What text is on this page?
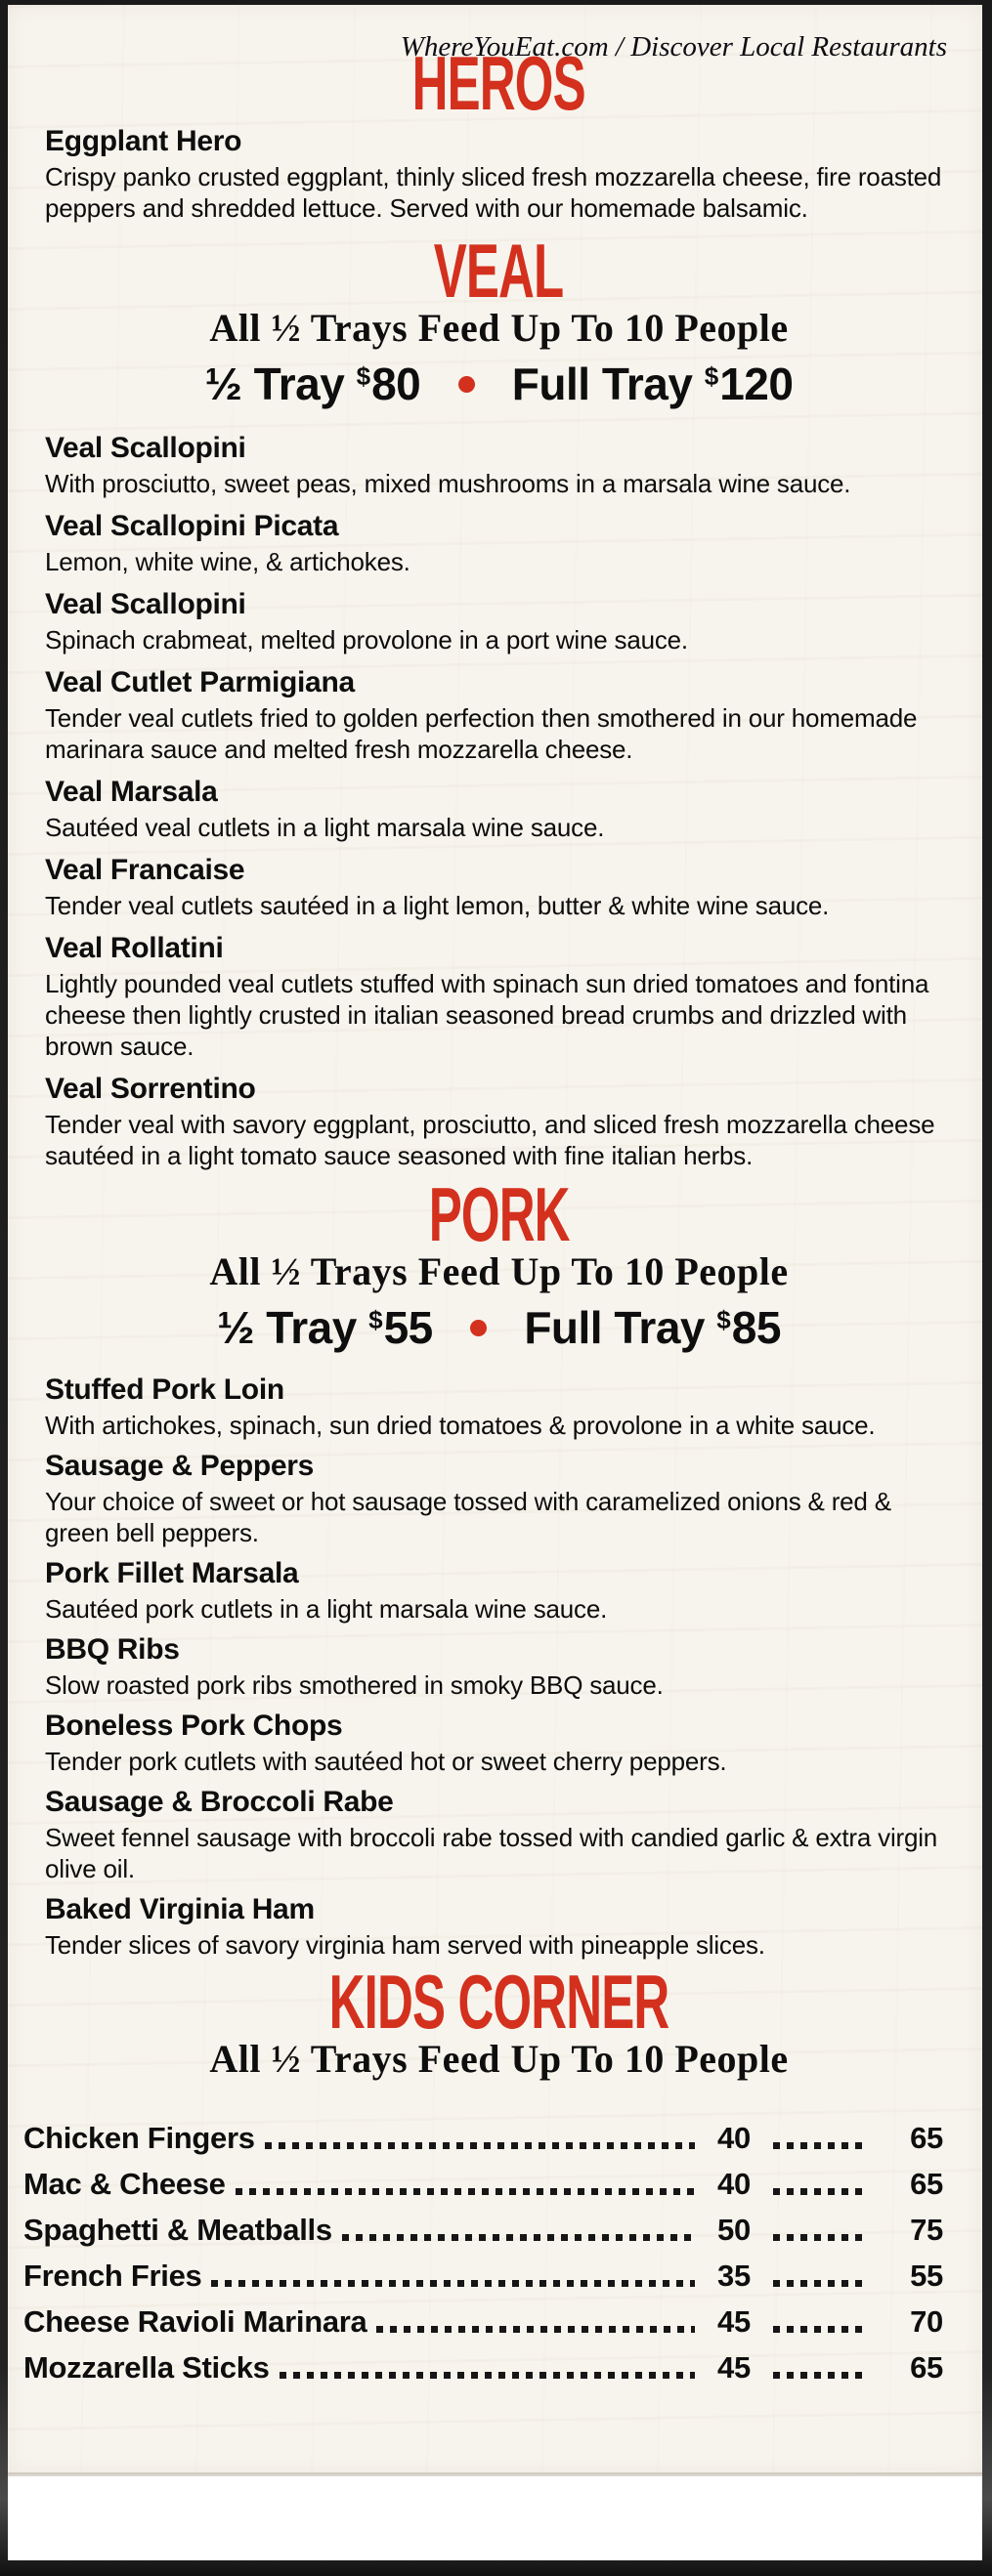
WhereYouEat.com / Discover Local Restaurants
HEROS
Eggplant Hero

Crispy panko crusted eggplant, thinly sliced fresh mozzarella cheese, fire roasted peppers and shredded lettuce. Served with our homemade balsamic.

VEAL
All ½ Trays Feed Up To 10 People
½ Tray $80 Full Tray $120
Veal Scallopini

With prosciutto, sweet peas, mixed mushrooms in a marsala wine sauce.

Veal Scallopini Picata

Lemon, white wine, & artichokes.

Veal Scallopini

Spinach crabmeat, melted provolone in a port wine sauce.

Veal Cutlet Parmigiana

Tender veal cutlets fried to golden perfection then smothered in our homemade marinara sauce and melted fresh mozzarella cheese.

Veal Marsala

Sautéed veal cutlets in a light marsala wine sauce.

Veal Francaise

Tender veal cutlets sautéed in a light lemon, butter & white wine sauce.

Veal Rollatini

Lightly pounded veal cutlets stuffed with spinach sun dried tomatoes and fontina cheese then lightly crusted in italian seasoned bread crumbs and drizzled with brown sauce.

Veal Sorrentino

Tender veal with savory eggplant, prosciutto, and sliced fresh mozzarella cheese sautéed in a light tomato sauce seasoned with fine italian herbs.

PORK
All ½ Trays Feed Up To 10 People
½ Tray $55 Full Tray $85
Stuffed Pork Loin

With artichokes, spinach, sun dried tomatoes & provolone in a white sauce.

Sausage & Peppers

Your choice of sweet or hot sausage tossed with caramelized onions & red & green bell peppers.

Pork Fillet Marsala

Sautéed pork cutlets in a light marsala wine sauce.

BBQ Ribs

Slow roasted pork ribs smothered in smoky BBQ sauce.

Boneless Pork Chops

Tender pork cutlets with sautéed hot or sweet cherry peppers.

Sausage & Broccoli Rabe

Sweet fennel sausage with broccoli rabe tossed with candied garlic & extra virgin olive oil.

Baked Virginia Ham

Tender slices of savory virginia ham served with pineapple slices.

KIDS CORNER
All ½ Trays Feed Up To 10 People
Chicken Fingers	40	65
Mac & Cheese	40	65
Spaghetti & Meatballs	50	75
French Fries	35	55
Cheese Ravioli Marinara	45	70
Mozzarella Sticks	45	65
